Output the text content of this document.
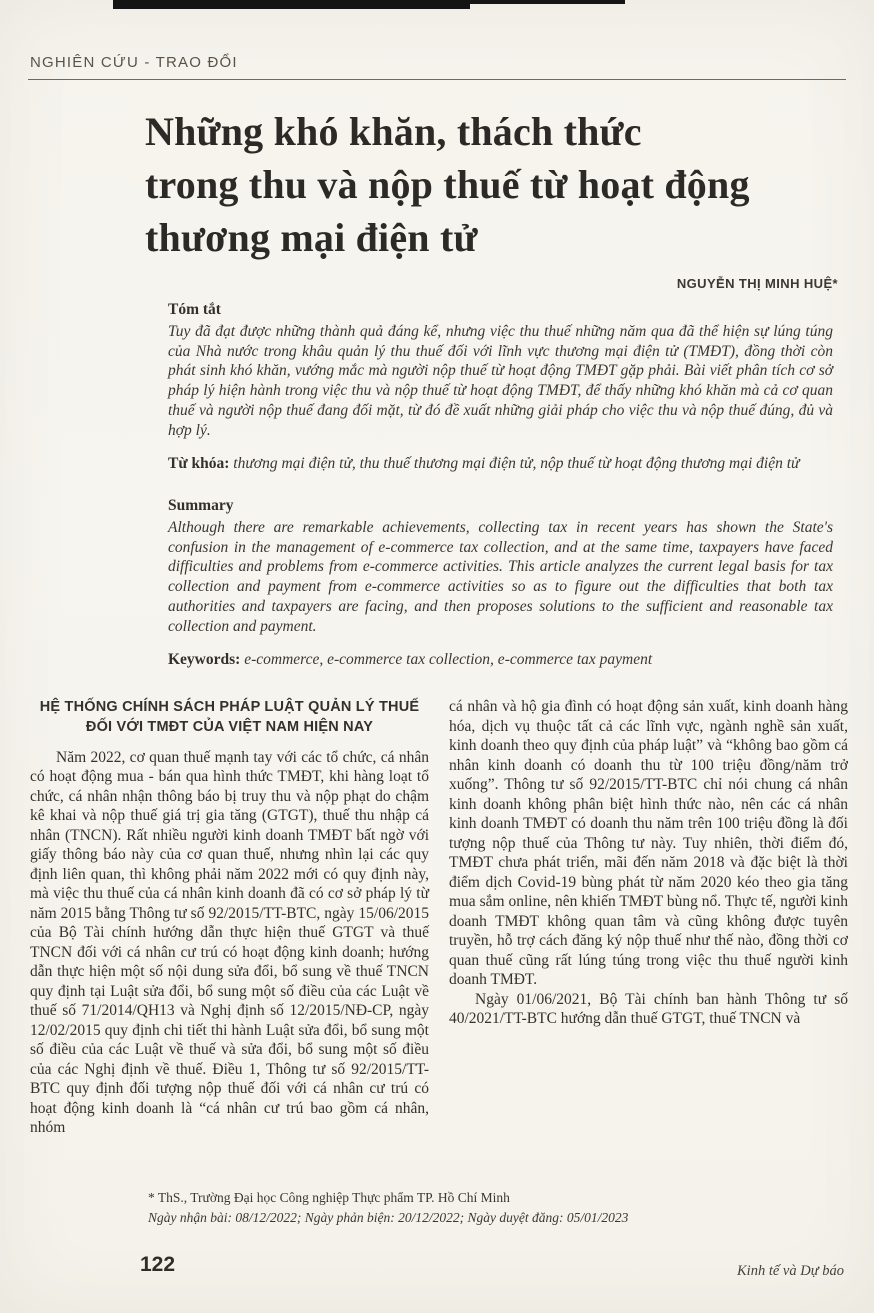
NGHIÊN CỨU - TRAO ĐỔI
Những khó khăn, thách thức
trong thu và nộp thuế từ hoạt động
thương mại điện tử
NGUYỄN THỊ MINH HUỆ*
Tóm tắt
Tuy đã đạt được những thành quả đáng kể, nhưng việc thu thuế những năm qua đã thể hiện sự lúng túng của Nhà nước trong khâu quản lý thu thuế đối với lĩnh vực thương mại điện tử (TMĐT), đồng thời còn phát sinh khó khăn, vướng mắc mà người nộp thuế từ hoạt động TMĐT gặp phải. Bài viết phân tích cơ sở pháp lý hiện hành trong việc thu và nộp thuế từ hoạt động TMĐT, để thấy những khó khăn mà cả cơ quan thuế và người nộp thuế đang đối mặt, từ đó đề xuất những giải pháp cho việc thu và nộp thuế đúng, đủ và hợp lý.
Từ khóa: thương mại điện tử, thu thuế thương mại điện tử, nộp thuế từ hoạt động thương mại điện tử
Summary
Although there are remarkable achievements, collecting tax in recent years has shown the State's confusion in the management of e-commerce tax collection, and at the same time, taxpayers have faced difficulties and problems from e-commerce activities. This article analyzes the current legal basis for tax collection and payment from e-commerce activities so as to figure out the difficulties that both tax authorities and taxpayers are facing, and then proposes solutions to the sufficient and reasonable tax collection and payment.
Keywords: e-commerce, e-commerce tax collection, e-commerce tax payment
HỆ THỐNG CHÍNH SÁCH PHÁP LUẬT QUẢN LÝ THUẾ ĐỐI VỚI TMĐT CỦA VIỆT NAM HIỆN NAY

Năm 2022, cơ quan thuế mạnh tay với các tổ chức, cá nhân có hoạt động mua - bán qua hình thức TMĐT, khi hàng loạt tổ chức, cá nhân nhận thông báo bị truy thu và nộp phạt do chậm kê khai và nộp thuế giá trị gia tăng (GTGT), thuế thu nhập cá nhân (TNCN). Rất nhiều người kinh doanh TMĐT bất ngờ với giấy thông báo này của cơ quan thuế, nhưng nhìn lại các quy định liên quan, thì không phải năm 2022 mới có quy định này, mà việc thu thuế của cá nhân kinh doanh đã có cơ sở pháp lý từ năm 2015 bằng Thông tư số 92/2015/TT-BTC, ngày 15/06/2015 của Bộ Tài chính hướng dẫn thực hiện thuế GTGT và thuế TNCN đối với cá nhân cư trú có hoạt động kinh doanh; hướng dẫn thực hiện một số nội dung sửa đổi, bổ sung về thuế TNCN quy định tại Luật sửa đổi, bổ sung một số điều của các Luật về thuế số 71/2014/QH13 và Nghị định số 12/2015/NĐ-CP, ngày 12/02/2015 quy định chi tiết thi hành Luật sửa đổi, bổ sung một số điều của các Luật về thuế và sửa đổi, bổ sung một số điều của các Nghị định về thuế. Điều 1, Thông tư số 92/2015/TT-BTC quy định đối tượng nộp thuế đối với cá nhân cư trú có hoạt động kinh doanh là “cá nhân cư trú bao gồm cá nhân, nhóm

cá nhân và hộ gia đình có hoạt động sản xuất, kinh doanh hàng hóa, dịch vụ thuộc tất cả các lĩnh vực, ngành nghề sản xuất, kinh doanh theo quy định của pháp luật” và “không bao gồm cá nhân kinh doanh có doanh thu từ 100 triệu đồng/năm trở xuống”. Thông tư số 92/2015/TT-BTC chỉ nói chung cá nhân kinh doanh không phân biệt hình thức nào, nên các cá nhân kinh doanh TMĐT có doanh thu năm trên 100 triệu đồng là đối tượng nộp thuế của Thông tư này. Tuy nhiên, thời điểm đó, TMĐT chưa phát triển, mãi đến năm 2018 và đặc biệt là thời điểm dịch Covid-19 bùng phát từ năm 2020 kéo theo gia tăng mua sắm online, nên khiến TMĐT bùng nổ. Thực tế, người kinh doanh TMĐT không quan tâm và cũng không được tuyên truyền, hỗ trợ cách đăng ký nộp thuế như thế nào, đồng thời cơ quan thuế cũng rất lúng túng trong việc thu thuế người kinh doanh TMĐT.

Ngày 01/06/2021, Bộ Tài chính ban hành Thông tư số 40/2021/TT-BTC hướng dẫn thuế GTGT, thuế TNCN và

* ThS., Trường Đại học Công nghiệp Thực phẩm TP. Hồ Chí Minh
Ngày nhận bài: 08/12/2022; Ngày phản biện: 20/12/2022; Ngày duyệt đăng: 05/01/2023
122	Kinh tế và Dự báo
